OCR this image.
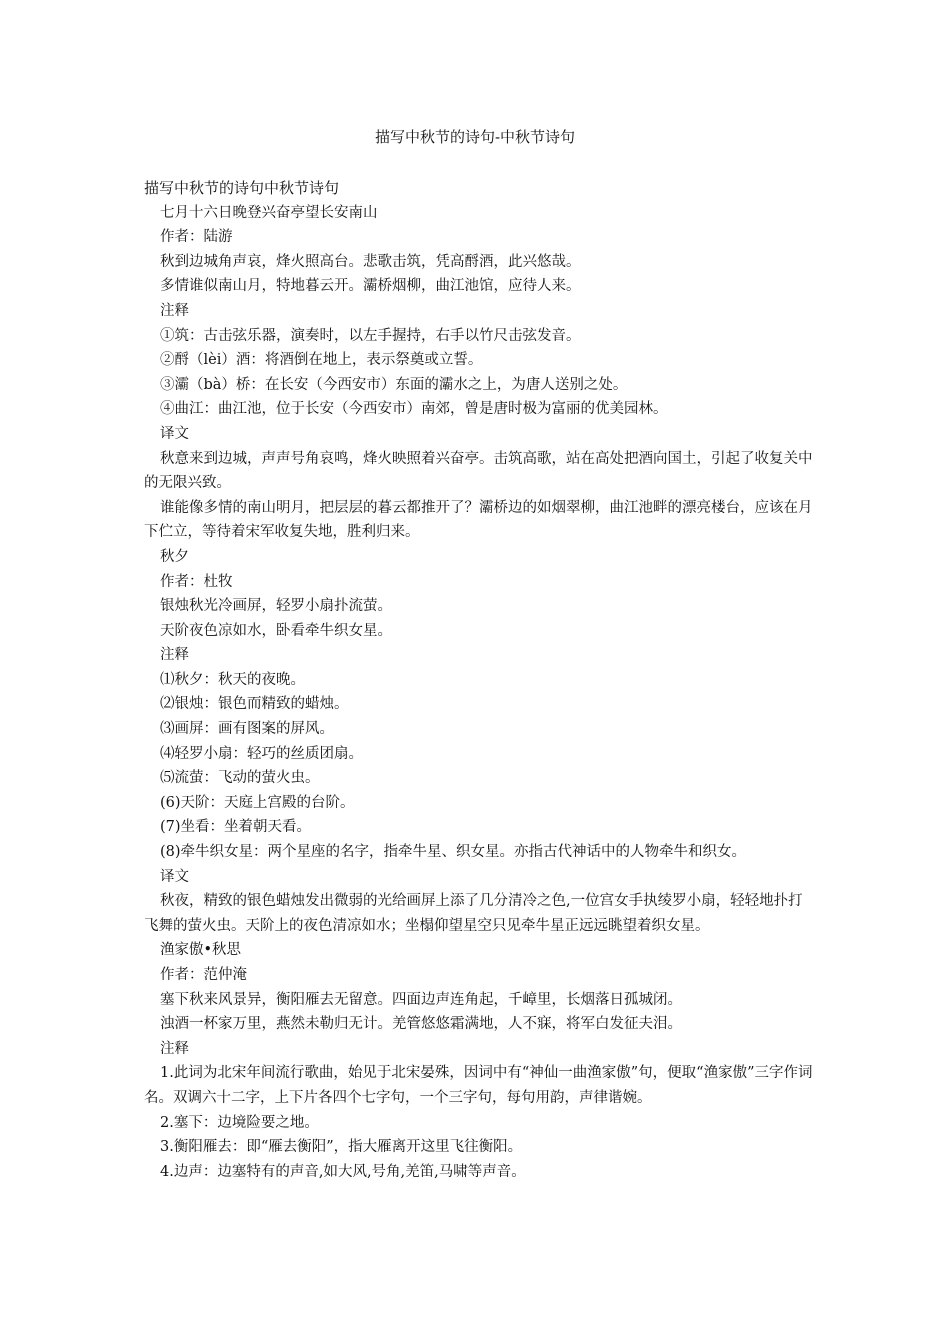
描写中秋节的诗句-中秋节诗句

描写中秋节的诗句中秋节诗句

七月十六日晚登兴奋亭望长安南山

作者：陆游

秋到边城角声哀，烽火照高台。悲歌击筑，凭高酹酒，此兴悠哉。

多情谁似南山月，特地暮云开。灞桥烟柳，曲江池馆，应待人来。

注释

①筑：古击弦乐器，演奏时，以左手握持，右手以竹尺击弦发音。

②酹（lèi）酒：将酒倒在地上，表示祭奠或立誓。

③灞（bà）桥：在长安（今西安市）东面的灞水之上，为唐人送别之处。

④曲江：曲江池，位于长安（今西安市）南郊，曾是唐时极为富丽的优美园林。

译文

秋意来到边城，声声号角哀鸣，烽火映照着兴奋亭。击筑高歌，站在高处把酒向国土，引起了收复关中的无限兴致。

谁能像多情的南山明月，把层层的暮云都推开了？灞桥边的如烟翠柳，曲江池畔的漂亮楼台，应该在月下伫立，等待着宋军收复失地，胜利归来。

秋夕

作者：杜牧

银烛秋光冷画屏，轻罗小扇扑流萤。

天阶夜色凉如水，卧看牵牛织女星。

注释

⑴秋夕：秋天的夜晚。

⑵银烛：银色而精致的蜡烛。

⑶画屏：画有图案的屏风。

⑷轻罗小扇：轻巧的丝质团扇。

⑸流萤：飞动的萤火虫。

(6)天阶：天庭上宫殿的台阶。

(7)坐看：坐着朝天看。

(8)牵牛织女星：两个星座的名字，指牵牛星、织女星。亦指古代神话中的人物牵牛和织女。

译文

秋夜，精致的银色蜡烛发出微弱的光给画屏上添了几分清冷之色,一位宫女手执绫罗小扇，轻轻地扑打飞舞的萤火虫。天阶上的夜色清凉如水；坐榻仰望星空只见牵牛星正远远眺望着织女星。

渔家傲•秋思

作者：范仲淹

塞下秋来风景异，衡阳雁去无留意。四面边声连角起，千嶂里，长烟落日孤城闭。

浊酒一杯家万里，燕然未勒归无计。羌管悠悠霜满地，人不寐，将军白发征夫泪。

注释

1.此词为北宋年间流行歌曲，始见于北宋晏殊，因词中有“神仙一曲渔家傲”句，便取“渔家傲”三字作词名。双调六十二字，上下片各四个七字句，一个三字句，每句用韵，声律谐婉。

2.塞下：边境险要之地。

3.衡阳雁去：即“雁去衡阳”，指大雁离开这里飞往衡阳。

4.边声：边塞特有的声音,如大风,号角,羌笛,马啸等声音。
